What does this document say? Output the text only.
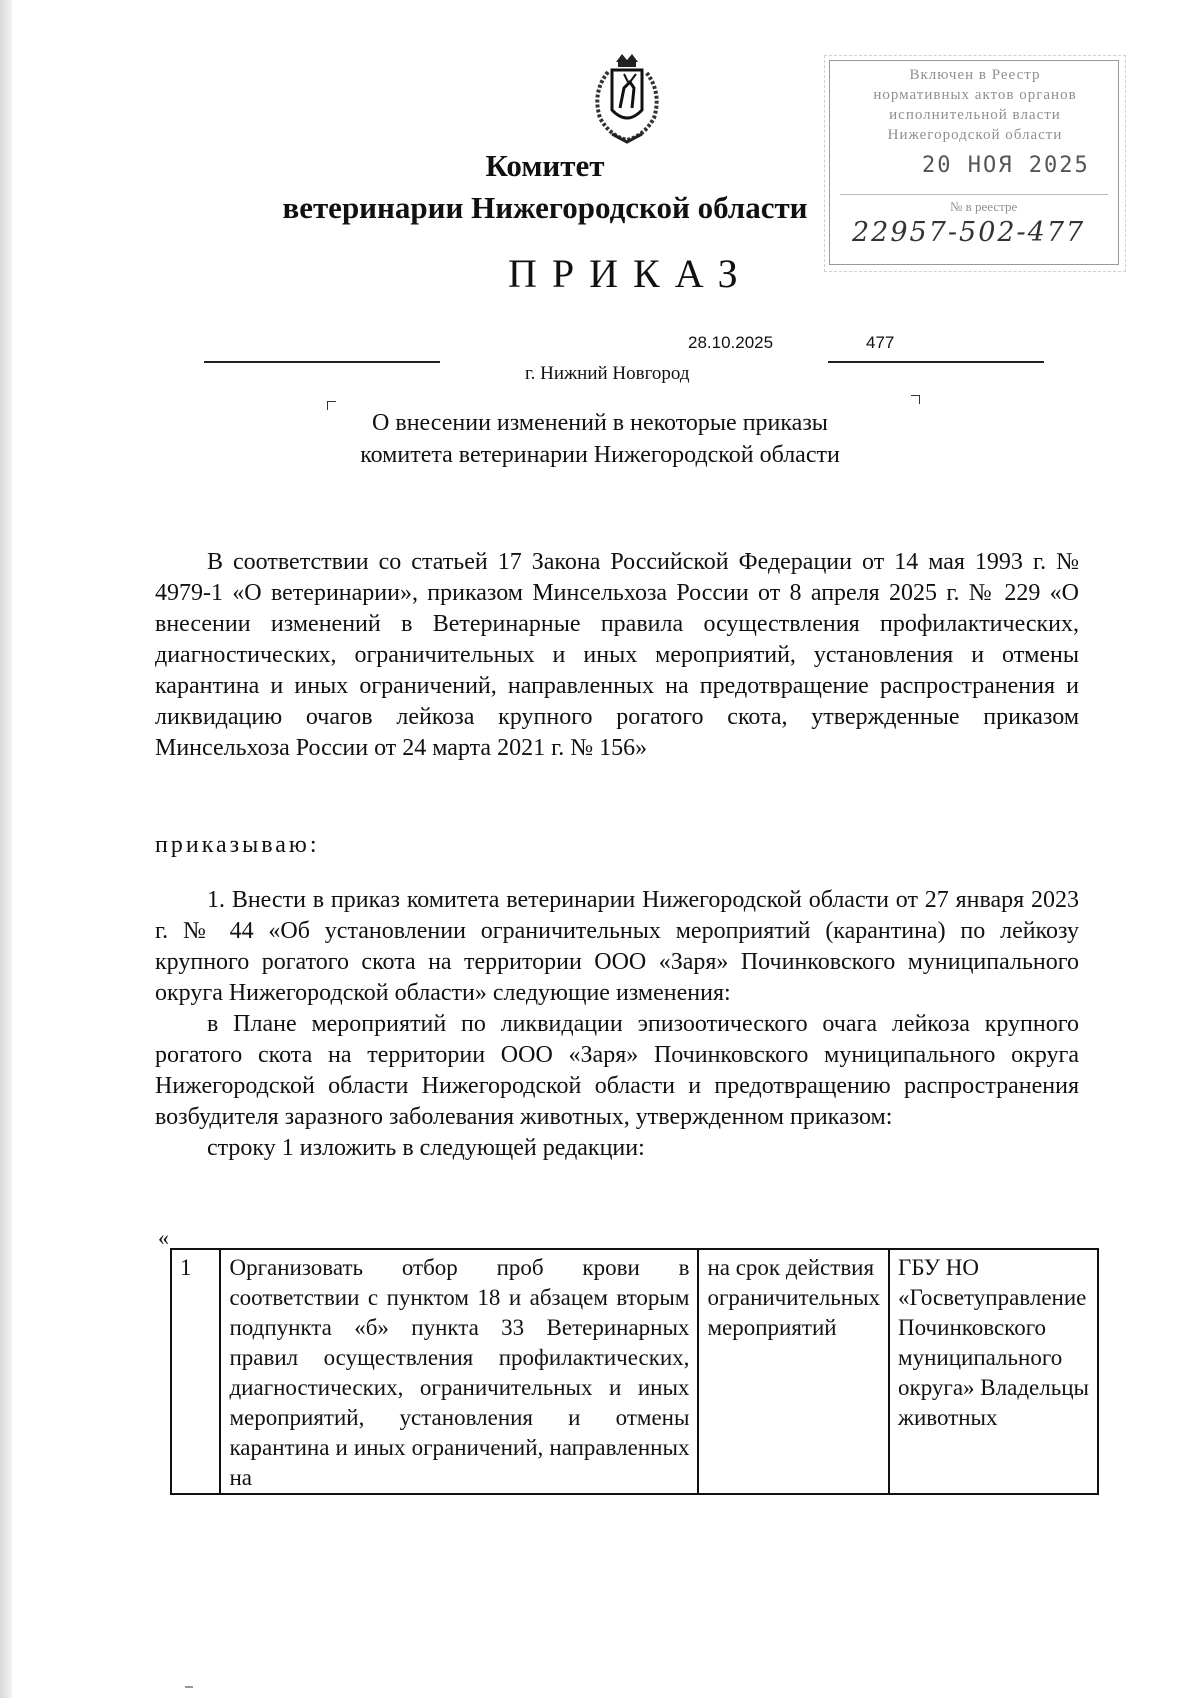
Включен в Реестр
нормативных актов органов
исполнительной власти
Нижегородской области
20 НОЯ 2025
№ в реестре
22957-502-477
Комитет
ветеринарии Нижегородской области
ПРИКАЗ
28.10.2025	477
г. Нижний Новгород
О внесении изменений в некоторые приказы
комитета ветеринарии Нижегородской области

В соответствии со статьей 17 Закона Российской Федерации от 14 мая 1993 г. № 4979-1 «О ветеринарии», приказом Минсельхоза России от 8 апреля 2025 г. № 229 «О внесении изменений в Ветеринарные правила осуществления профилактических, диагностических, ограничительных и иных мероприятий, установления и отмены карантина и иных ограничений, направленных на предотвращение распространения и ликвидацию очагов лейкоза крупного рогатого скота, утвержденные приказом Минсельхоза России от 24 марта 2021 г. № 156»

приказываю:

1. Внести в приказ комитета ветеринарии Нижегородской области от 27 января 2023 г. № 44 «Об установлении ограничительных мероприятий (карантина) по лейкозу крупного рогатого скота на территории ООО «Заря» Починковского муниципального округа Нижегородской области» следующие изменения:

в Плане мероприятий по ликвидации эпизоотического очага лейкоза крупного рогатого скота на территории ООО «Заря» Починковского муниципального округа Нижегородской области Нижегородской области и предотвращению распространения возбудителя заразного заболевания животных, утвержденном приказом:

строку 1 изложить в следующей редакции:

«
1	Организовать отбор проб крови в соответствии с пунктом 18 и абзацем вторым подпункта «б» пункта 33 Ветеринарных правил осуществления профилактических, диагностических, ограничительных и иных мероприятий, установления и отмены карантина и иных ограничений, направленных на	на срок действия ограничительных мероприятий	ГБУ НО «Госветуправление Починковского муниципального округа» Владельцы животных
